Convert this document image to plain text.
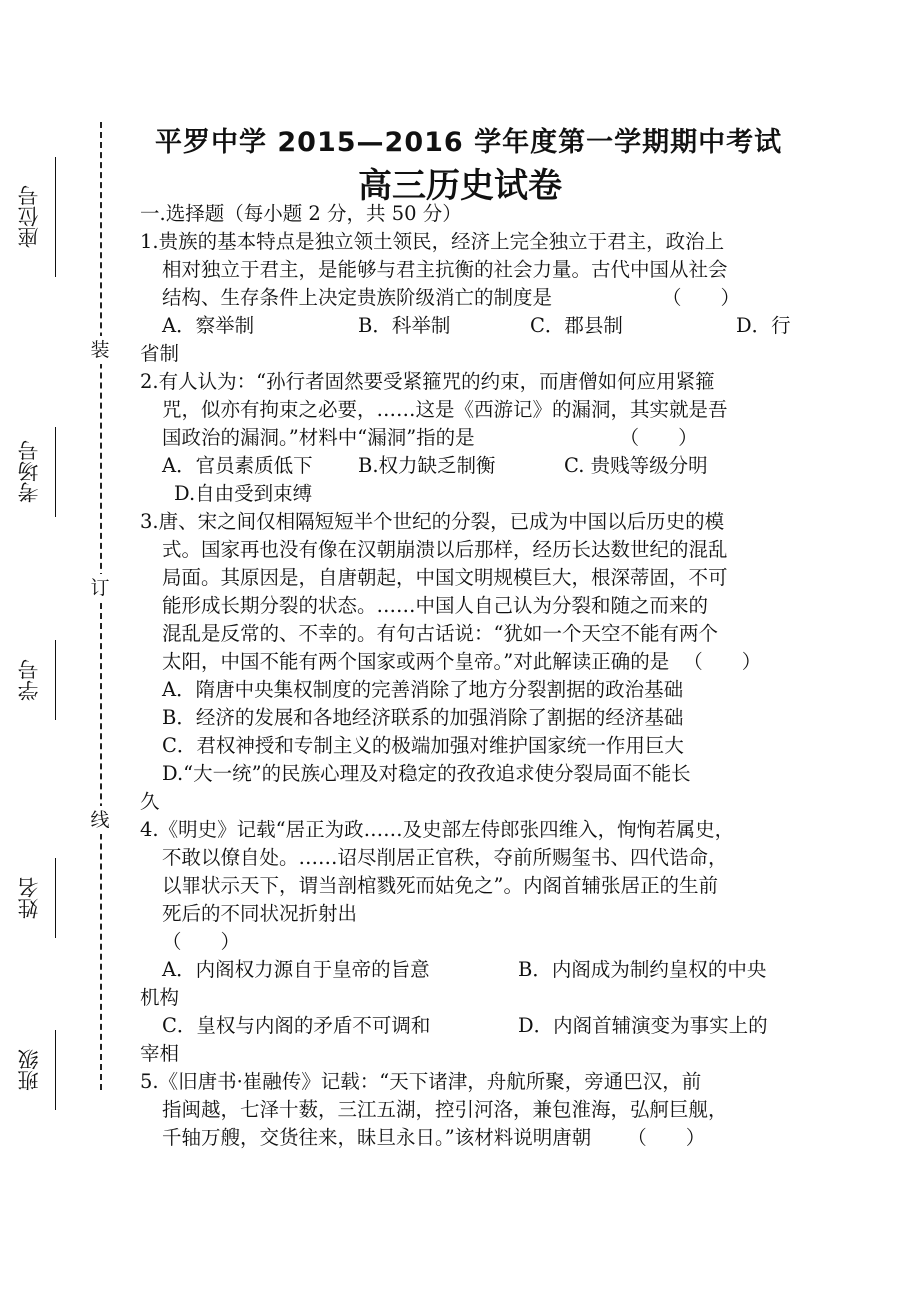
座位号
考场号
学号
姓名
班级
装
订
线
平罗中学 2015—2016 学年度第一学期期中考试
高三历史试卷
一.选择题（每小题 2 分，共 50 分）
1.贵族的基本特点是独立领土领民，经济上完全独立于君主，政治上
相对独立于君主，是能够与君主抗衡的社会力量。古代中国从社会
结构、生存条件上决定贵族阶级消亡的制度是	（　　）
A．察举制	B．科举制	C．郡县制	D．行
省制
2.有人认为：“孙行者固然要受紧箍咒的约束，而唐僧如何应用紧箍
咒，似亦有拘束之必要，……这是《西游记》的漏洞，其实就是吾
国政治的漏洞。”材料中“漏洞”指的是	（　　）
A．官员素质低下	B.权力缺乏制衡	C. 贵贱等级分明
D.自由受到束缚
3.唐、宋之间仅相隔短短半个世纪的分裂，已成为中国以后历史的模
式。国家再也没有像在汉朝崩溃以后那样，经历长达数世纪的混乱
局面。其原因是，自唐朝起，中国文明规模巨大，根深蒂固，不可
能形成长期分裂的状态。……中国人自己认为分裂和随之而来的
混乱是反常的、不幸的。有句古话说：“犹如一个天空不能有两个
太阳，中国不能有两个国家或两个皇帝。”对此解读正确的是 （　　）
A．隋唐中央集权制度的完善消除了地方分裂割据的政治基础
B．经济的发展和各地经济联系的加强消除了割据的经济基础
C．君权神授和专制主义的极端加强对维护国家统一作用巨大
D.“大一统”的民族心理及对稳定的孜孜追求使分裂局面不能长
久
4.《明史》记载“居正为政……及史部左侍郎张四维入，恂恂若属史，
不敢以僚自处。……诏尽削居正官秩，夺前所赐玺书、四代诰命，
以罪状示天下，谓当剖棺戮死而姑免之”。内阁首辅张居正的生前
死后的不同状况折射出
（　　）
A．内阁权力源自于皇帝的旨意	B．内阁成为制约皇权的中央
机构
C．皇权与内阁的矛盾不可调和	D．内阁首辅演变为事实上的
宰相
5.《旧唐书·崔融传》记载：“天下诸津，舟航所聚，旁通巴汉，前
指闽越，七泽十薮，三江五湖，控引河洛，兼包淮海，弘舸巨舰，
千轴万艘，交货往来，昧旦永日。”该材料说明唐朝 （　　）
